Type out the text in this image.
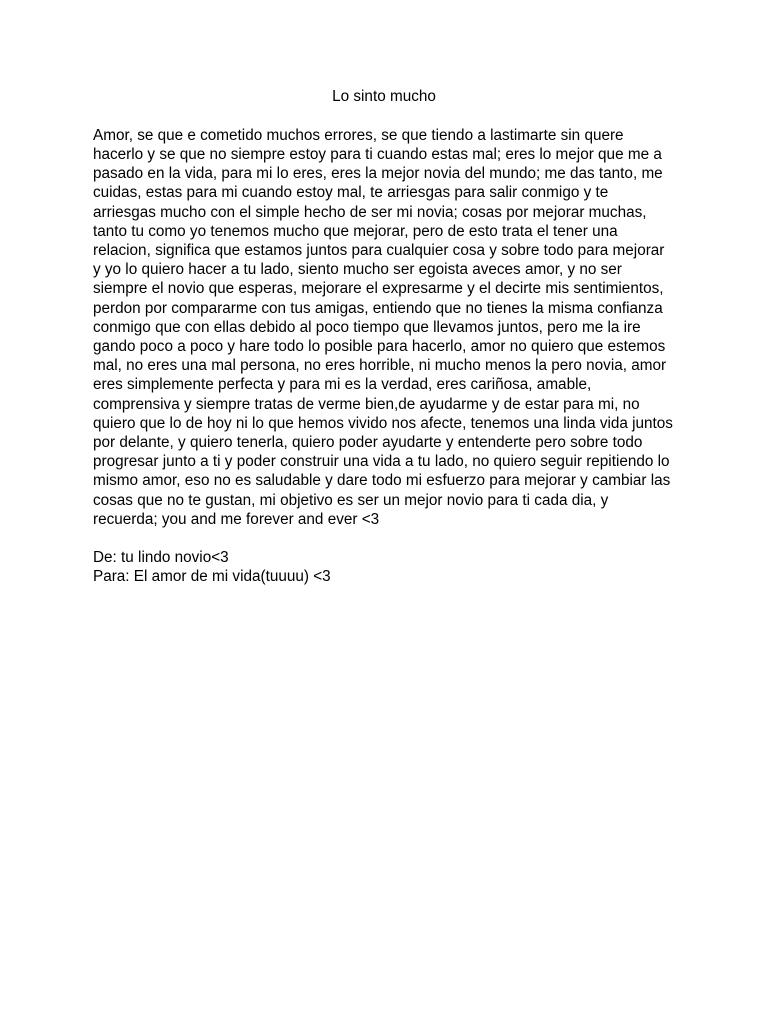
Lo sinto mucho

Amor, se que e cometido muchos errores, se que tiendo a lastimarte sin quere hacerlo y se que no siempre estoy para ti cuando estas mal; eres lo mejor que me a pasado en la vida, para mi lo eres, eres la mejor novia del mundo; me das tanto, me cuidas, estas para mi cuando estoy mal, te arriesgas para salir conmigo y te arriesgas mucho con el simple hecho de ser mi novia; cosas por mejorar muchas, tanto tu como yo tenemos mucho que mejorar, pero de esto trata el tener una relacion, significa que estamos juntos para cualquier cosa y sobre todo para mejorar y yo lo quiero hacer a tu lado, siento mucho ser egoista aveces amor, y no ser siempre el novio que esperas, mejorare el expresarme y el decirte mis sentimientos, perdon por compararme con tus amigas, entiendo que no tienes la misma confianza conmigo que con ellas debido al poco tiempo que llevamos juntos, pero me la ire gando poco a poco y hare todo lo posible para hacerlo, amor no quiero que estemos mal, no eres una mal persona, no eres horrible, ni mucho menos la pero novia, amor eres simplemente perfecta y para mi es la verdad, eres cariñosa, amable, comprensiva y siempre tratas de verme bien,de ayudarme y de estar para mi, no quiero que lo de hoy ni lo que hemos vivido nos afecte, tenemos una linda vida juntos por delante, y quiero tenerla, quiero poder ayudarte y entenderte pero sobre todo progresar junto a ti y poder construir una vida a tu lado, no quiero seguir repitiendo lo mismo amor, eso no es saludable y dare todo mi esfuerzo para mejorar y cambiar las cosas que no te gustan, mi objetivo es ser un mejor novio para ti cada dia, y recuerda; you and me forever and ever <3

De: tu lindo novio<3
Para: El amor de mi vida(tuuuu) <3
